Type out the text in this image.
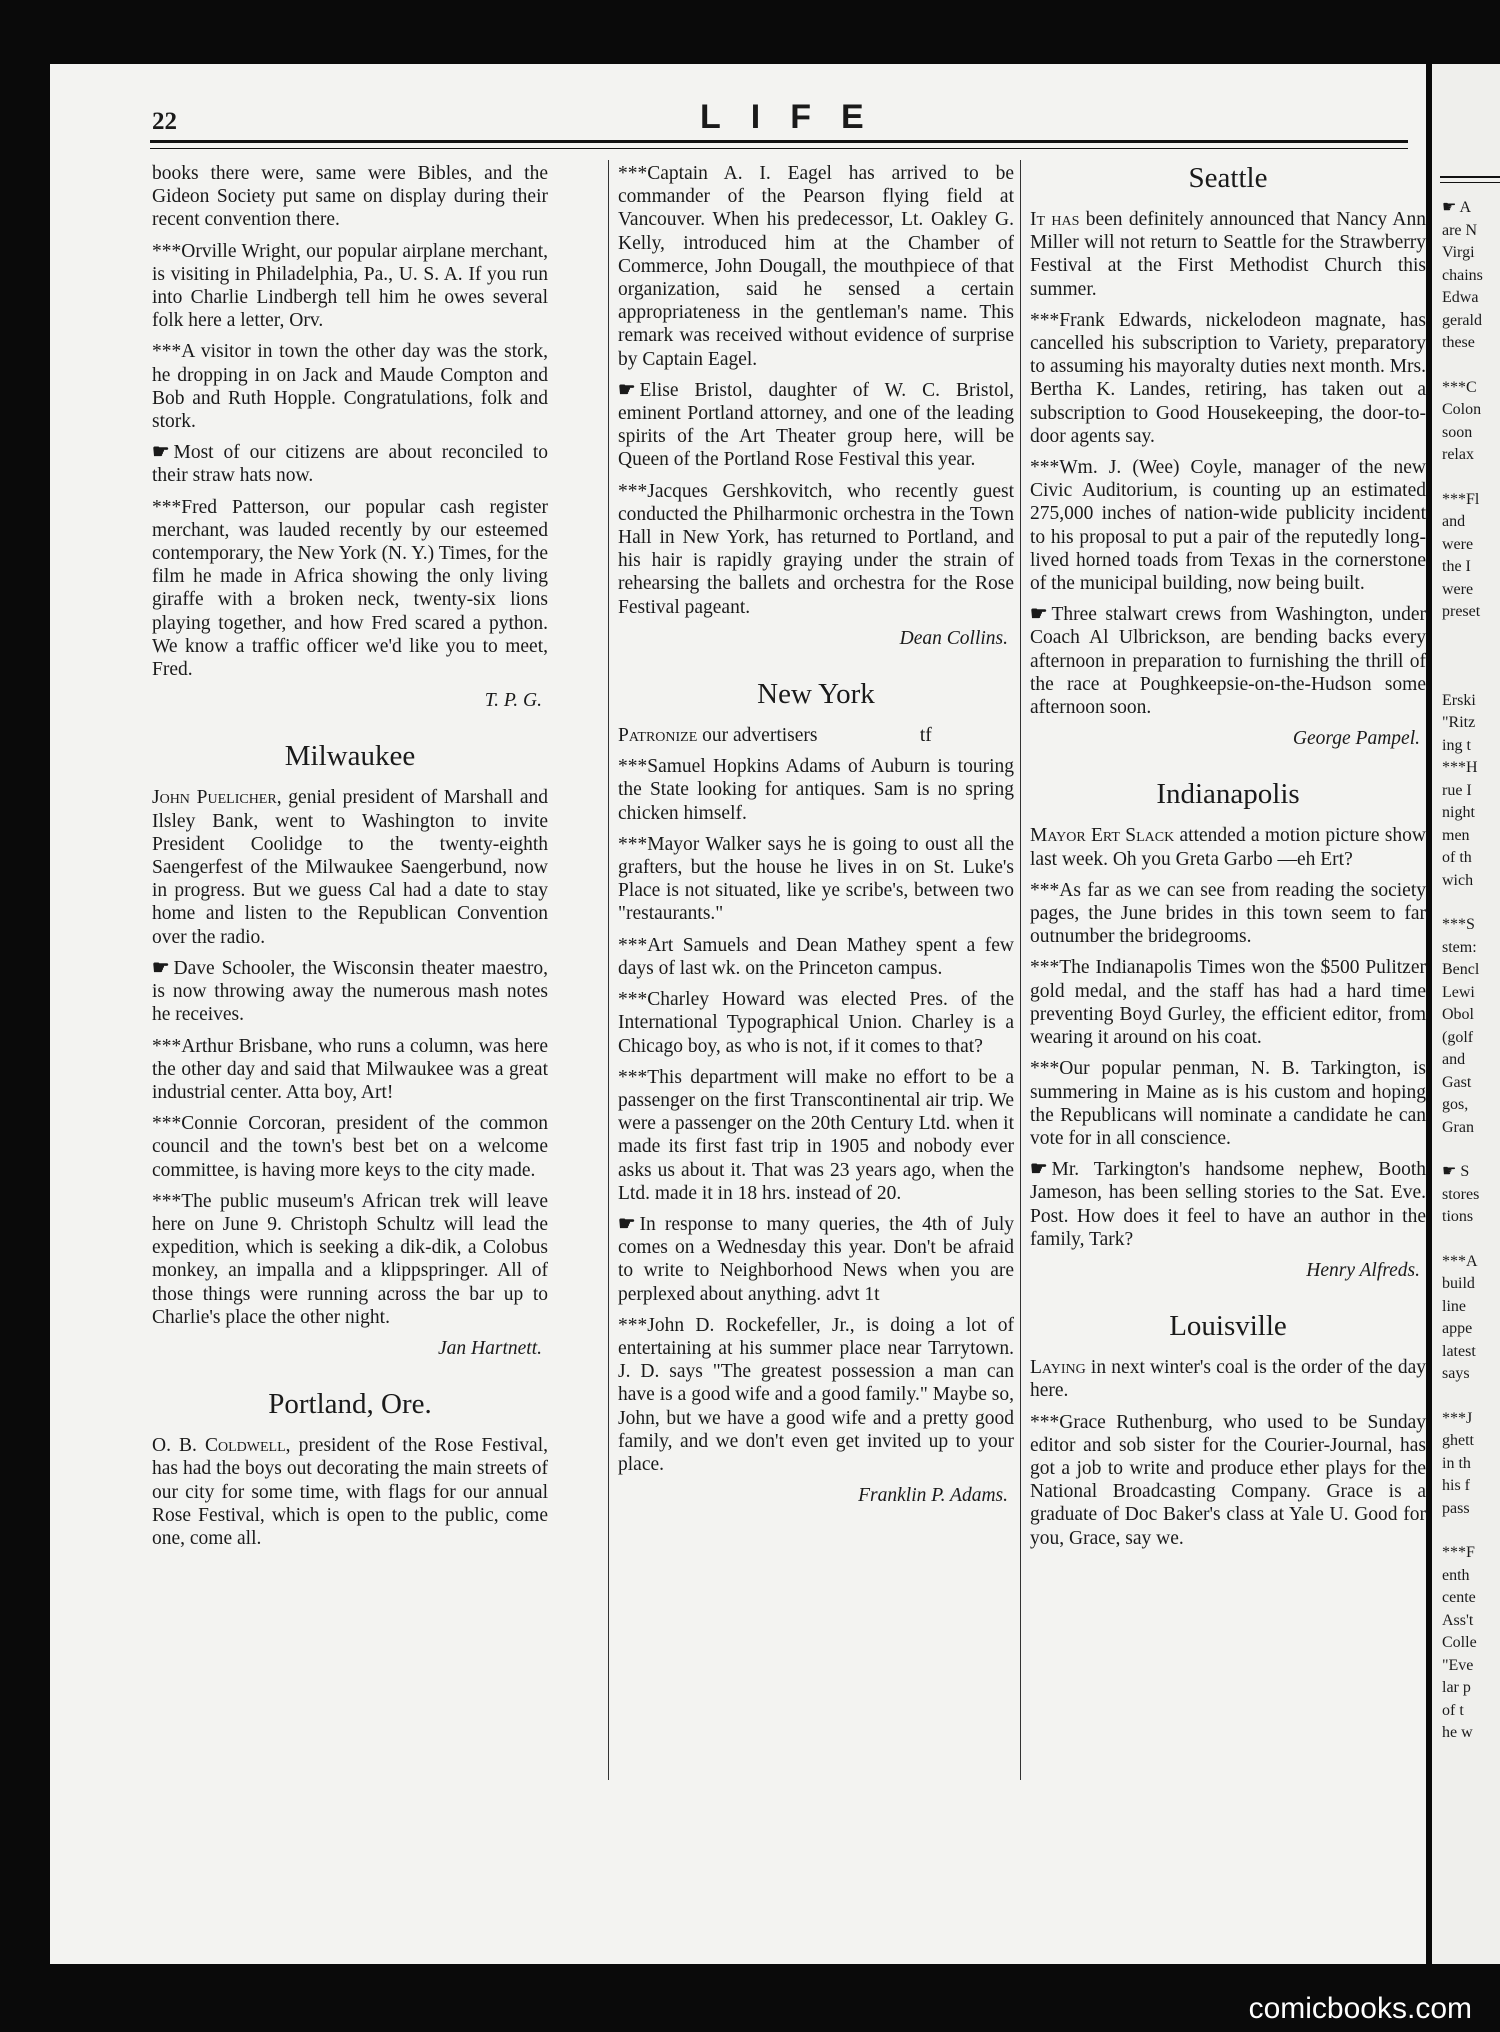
☛ A
are N
Virgi
chains
Edwa
gerald
these
***C
Colon
soon
relax
***Fl
and
were
the I
were
preset
Erski
"Ritz
ing t
***H
rue I
night
men
of th
wich
***S
stem:
Bencl
Lewi
Obol
(golf
and
Gast
gos,
Gran
☛ S
stores
tions
***A
build
line
appe
latest
says
***J
ghett
in th
his f
pass
***F
enth
cente
Ass't
Colle
"Eve
lar p
of t
he w
22	LIFE

books there were, same were Bibles, and the Gideon Society put same on display during their recent convention there.

***Orville Wright, our popular airplane merchant, is visiting in Philadelphia, Pa., U. S. A. If you run into Charlie Lindbergh tell him he owes several folk here a letter, Orv.

***A visitor in town the other day was the stork, he dropping in on Jack and Maude Compton and Bob and Ruth Hopple. Congratulations, folk and stork.

☛ Most of our citizens are about reconciled to their straw hats now.

***Fred Patterson, our popular cash register merchant, was lauded recently by our esteemed contemporary, the New York (N. Y.) Times, for the film he made in Africa showing the only living giraffe with a broken neck, twenty-six lions playing together, and how Fred scared a python. We know a traffic officer we'd like you to meet, Fred.

T. P. G.
Milwaukee

John Puelicher, genial president of Marshall and Ilsley Bank, went to Washington to invite President Coolidge to the twenty-eighth Saengerfest of the Milwaukee Saengerbund, now in progress. But we guess Cal had a date to stay home and listen to the Republican Convention over the radio.

☛ Dave Schooler, the Wisconsin theater maestro, is now throwing away the numerous mash notes he receives.

***Arthur Brisbane, who runs a column, was here the other day and said that Milwaukee was a great industrial center. Atta boy, Art!

***Connie Corcoran, president of the common council and the town's best bet on a welcome committee, is having more keys to the city made.

***The public museum's African trek will leave here on June 9. Christoph Schultz will lead the expedition, which is seeking a dik-dik, a Colobus monkey, an impalla and a klippspringer. All of those things were running across the bar up to Charlie's place the other night.

Jan Hartnett.
Portland, Ore.

O. B. Coldwell, president of the Rose Festival, has had the boys out decorating the main streets of our city for some time, with flags for our annual Rose Festival, which is open to the public, come one, come all.

***Captain A. I. Eagel has arrived to be commander of the Pearson flying field at Vancouver. When his predecessor, Lt. Oakley G. Kelly, introduced him at the Chamber of Commerce, John Dougall, the mouthpiece of that organization, said he sensed a certain appropriateness in the gentleman's name. This remark was received without evidence of surprise by Captain Eagel.

☛ Elise Bristol, daughter of W. C. Bristol, eminent Portland attorney, and one of the leading spirits of the Art Theater group here, will be Queen of the Portland Rose Festival this year.

***Jacques Gershkovitch, who recently guest conducted the Philharmonic orchestra in the Town Hall in New York, has returned to Portland, and his hair is rapidly graying under the strain of rehearsing the ballets and orchestra for the Rose Festival pageant.

Dean Collins.
New York

Patronize our advertisers                     tf

***Samuel Hopkins Adams of Auburn is touring the State looking for antiques. Sam is no spring chicken himself.

***Mayor Walker says he is going to oust all the grafters, but the house he lives in on St. Luke's Place is not situated, like ye scribe's, between two "restaurants."

***Art Samuels and Dean Mathey spent a few days of last wk. on the Princeton campus.

***Charley Howard was elected Pres. of the International Typographical Union. Charley is a Chicago boy, as who is not, if it comes to that?

***This department will make no effort to be a passenger on the first Transcontinental air trip. We were a passenger on the 20th Century Ltd. when it made its first fast trip in 1905 and nobody ever asks us about it. That was 23 years ago, when the Ltd. made it in 18 hrs. instead of 20.

☛ In response to many queries, the 4th of July comes on a Wednesday this year. Don't be afraid to write to Neighborhood News when you are perplexed about anything. advt 1t

***John D. Rockefeller, Jr., is doing a lot of entertaining at his summer place near Tarrytown. J. D. says "The greatest possession a man can have is a good wife and a good family." Maybe so, John, but we have a good wife and a pretty good family, and we don't even get invited up to your place.

Franklin P. Adams.
Seattle

It has been definitely announced that Nancy Ann Miller will not return to Seattle for the Strawberry Festival at the First Methodist Church this summer.

***Frank Edwards, nickelodeon magnate, has cancelled his subscription to Variety, preparatory to assuming his mayoralty duties next month. Mrs. Bertha K. Landes, retiring, has taken out a subscription to Good Housekeeping, the door-to-door agents say.

***Wm. J. (Wee) Coyle, manager of the new Civic Auditorium, is counting up an estimated 275,000 inches of nation-wide publicity incident to his proposal to put a pair of the reputedly long-lived horned toads from Texas in the cornerstone of the municipal building, now being built.

☛ Three stalwart crews from Washington, under Coach Al Ulbrickson, are bending backs every afternoon in preparation to furnishing the thrill of the race at Poughkeepsie-on-the-Hudson some afternoon soon.

George Pampel.
Indianapolis

Mayor Ert Slack attended a motion picture show last week. Oh you Greta Garbo —eh Ert?

***As far as we can see from reading the society pages, the June brides in this town seem to far outnumber the bridegrooms.

***The Indianapolis Times won the $500 Pulitzer gold medal, and the staff has had a hard time preventing Boyd Gurley, the efficient editor, from wearing it around on his coat.

***Our popular penman, N. B. Tarkington, is summering in Maine as is his custom and hoping the Republicans will nominate a candidate he can vote for in all conscience.

☛ Mr. Tarkington's handsome nephew, Booth Jameson, has been selling stories to the Sat. Eve. Post. How does it feel to have an author in the family, Tark?

Henry Alfreds.
Louisville

Laying in next winter's coal is the order of the day here.

***Grace Ruthenburg, who used to be Sunday editor and sob sister for the Courier-Journal, has got a job to write and produce ether plays for the National Broadcasting Company. Grace is a graduate of Doc Baker's class at Yale U. Good for you, Grace, say we.

comicbooks.com
